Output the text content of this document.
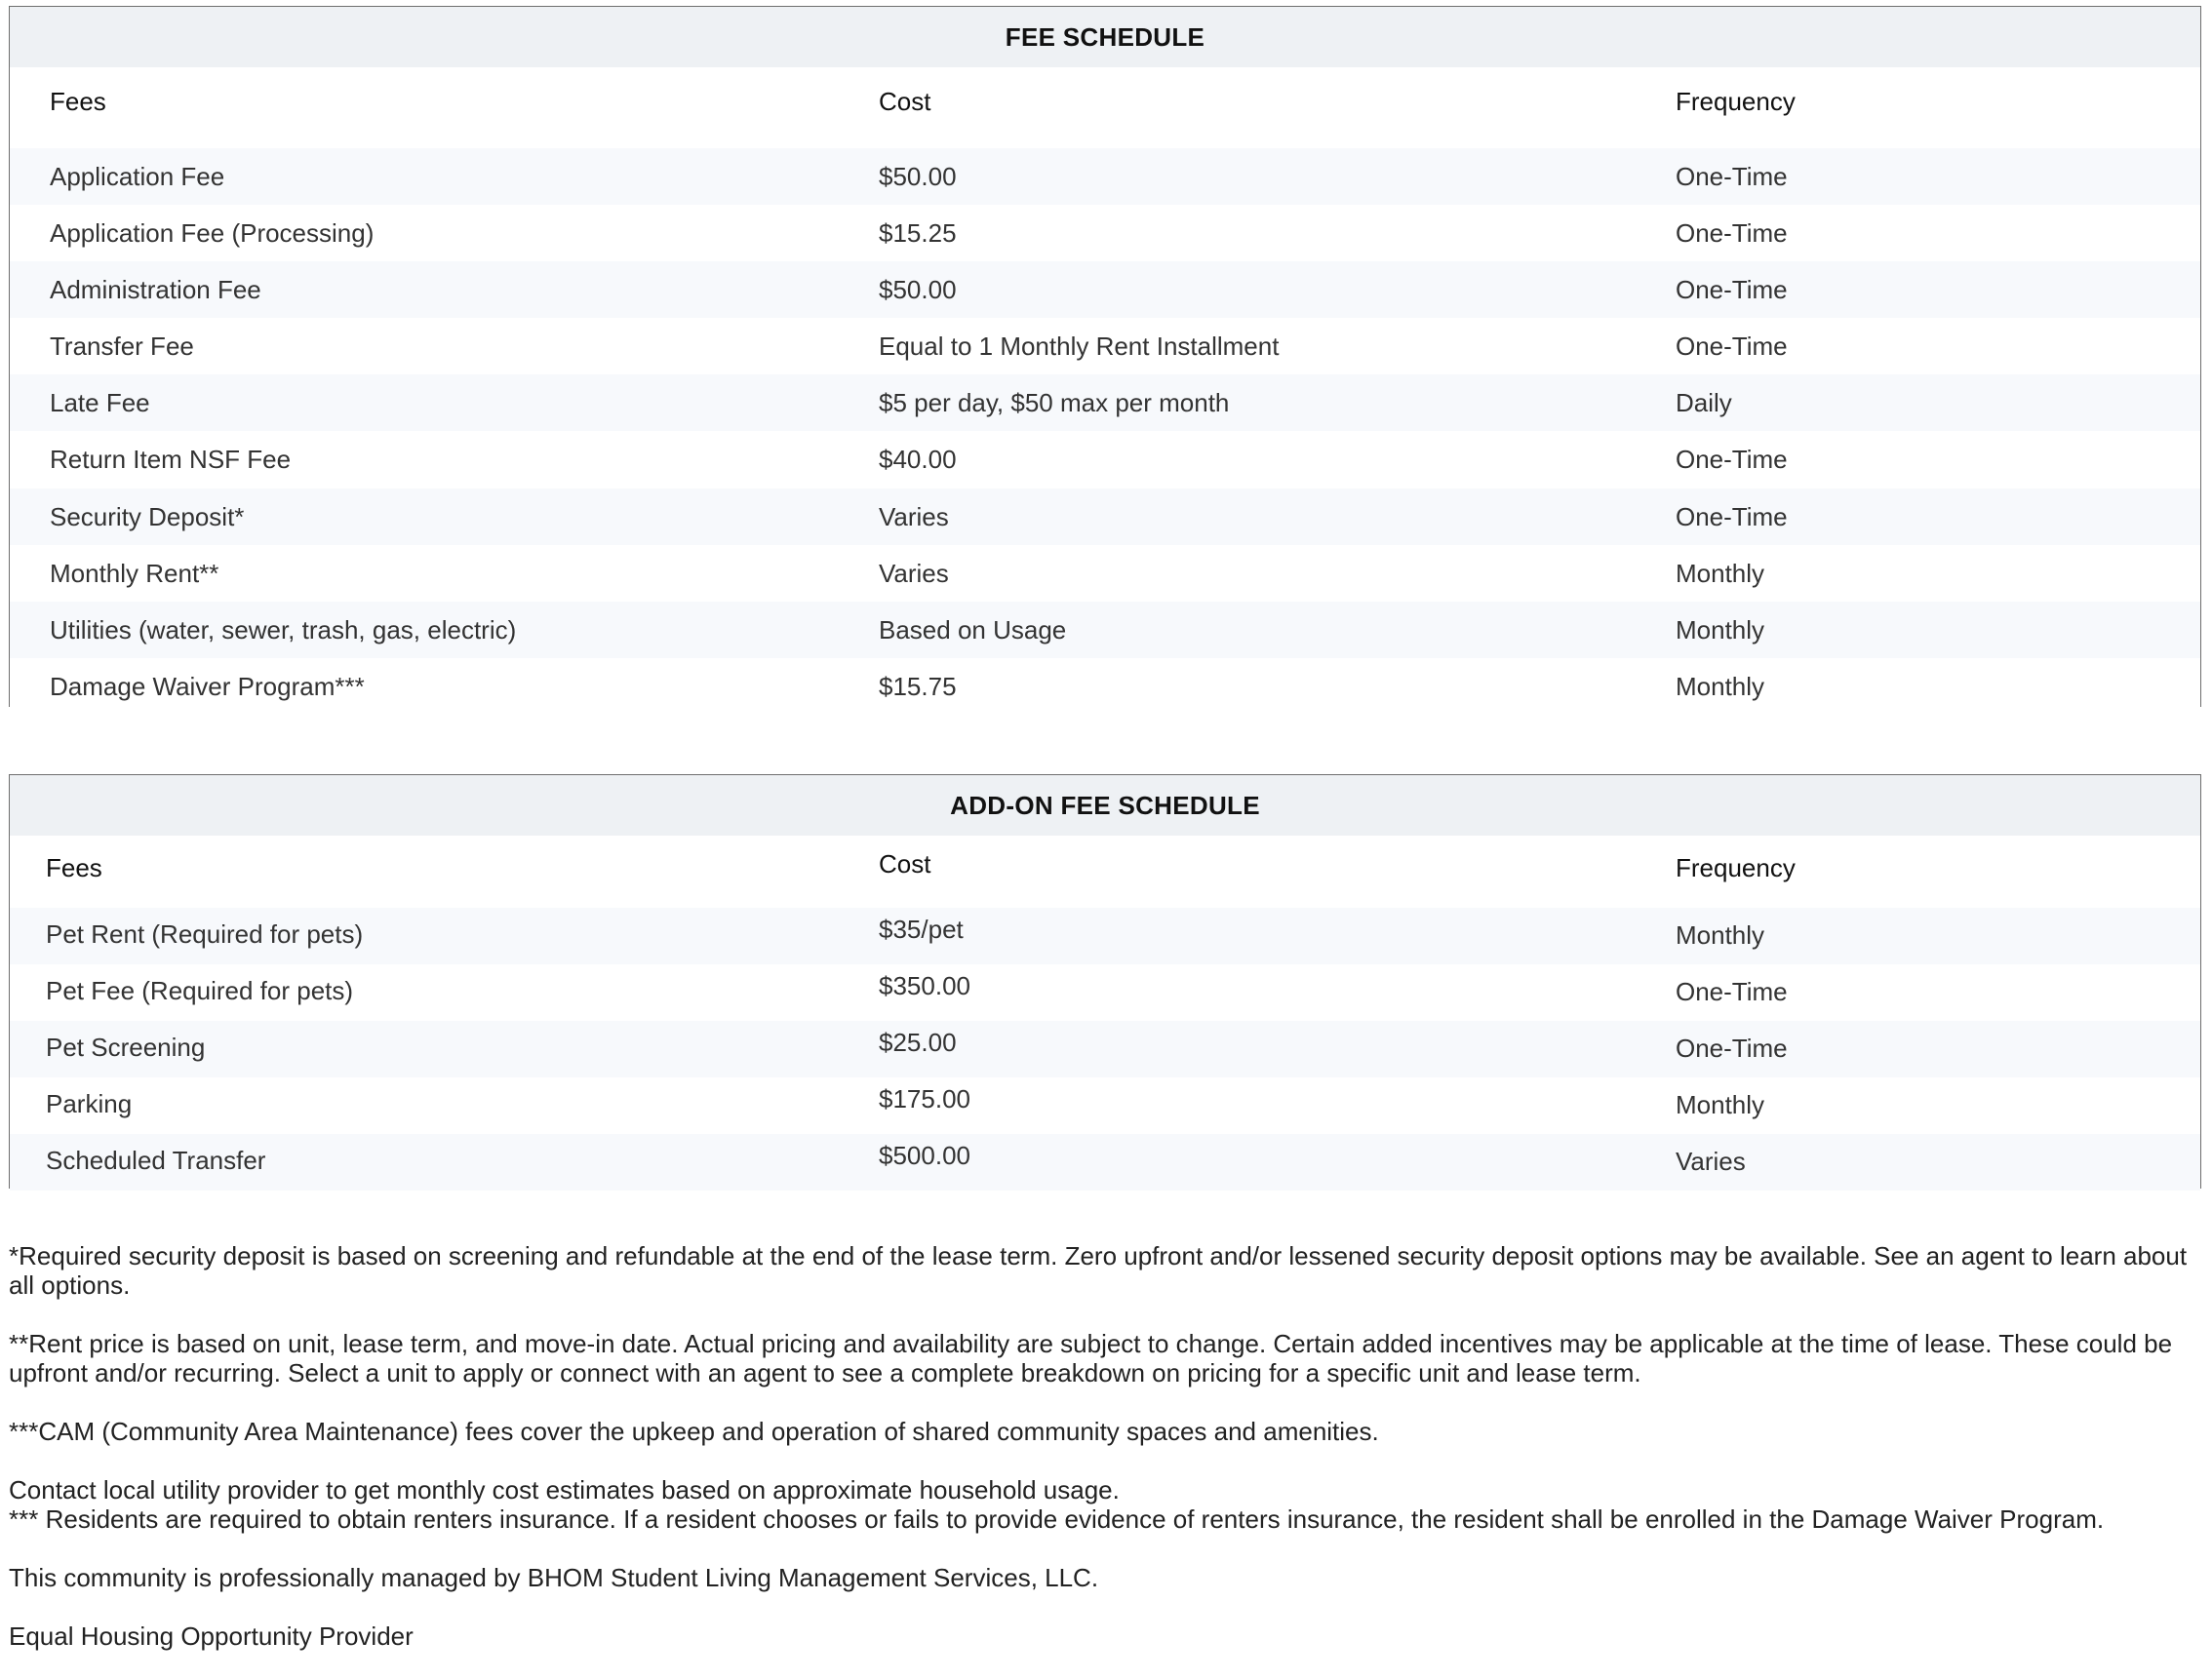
FEE SCHEDULE
Fees	Cost	Frequency
Application Fee	$50.00	One-Time
Application Fee (Processing)	$15.25	One-Time
Administration Fee	$50.00	One-Time
Transfer Fee	Equal to 1 Monthly Rent Installment	One-Time
Late Fee	$5 per day, $50 max per month	Daily
Return Item NSF Fee	$40.00	One-Time
Security Deposit*	Varies	One-Time
Monthly Rent**	Varies	Monthly
Utilities (water, sewer, trash, gas, electric)	Based on Usage	Monthly
Damage Waiver Program***	$15.75	Monthly
ADD-ON FEE SCHEDULE
Fees	Cost	Frequency
Pet Rent (Required for pets)	$35/pet	Monthly
Pet Fee (Required for pets)	$350.00	One-Time
Pet Screening	$25.00	One-Time
Parking	$175.00	Monthly
Scheduled Transfer	$500.00	Varies

*Required security deposit is based on screening and refundable at the end of the lease term. Zero upfront and/or lessened security deposit options may be available. See an agent to learn about all options.

**Rent price is based on unit, lease term, and move-in date. Actual pricing and availability are subject to change. Certain added incentives may be applicable at the time of lease. These could be upfront and/or recurring. Select a unit to apply or connect with an agent to see a complete breakdown on pricing for a specific unit and lease term.

***CAM (Community Area Maintenance) fees cover the upkeep and operation of shared community spaces and amenities.

Contact local utility provider to get monthly cost estimates based on approximate household usage.

*** Residents are required to obtain renters insurance. If a resident chooses or fails to provide evidence of renters insurance, the resident shall be enrolled in the Damage Waiver Program.

This community is professionally managed by BHOM Student Living Management Services, LLC.

Equal Housing Opportunity Provider
